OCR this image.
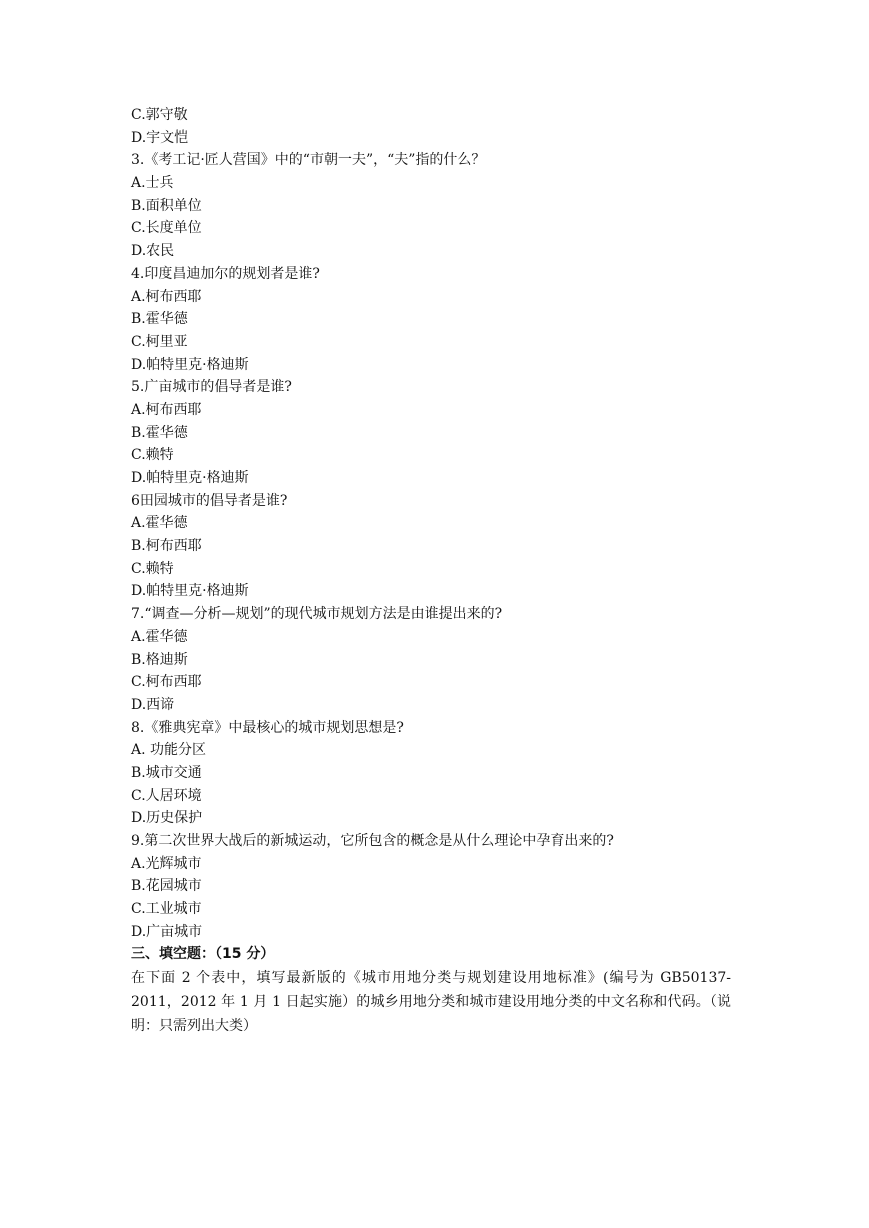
C.郭守敬
D.宇文恺
3.《考工记·匠人营国》中的“市朝一夫”，“夫”指的什么？
A.士兵
B.面积单位
C.长度单位
D.农民
4.印度昌迪加尔的规划者是谁?
A.柯布西耶
B.霍华德
C.柯里亚
D.帕特里克·格迪斯
5.广亩城市的倡导者是谁?
A.柯布西耶
B.霍华德
C.赖特
D.帕特里克·格迪斯
6田园城市的倡导者是谁?
A.霍华德
B.柯布西耶
C.赖特
D.帕特里克·格迪斯
7.“调查—分析—规划”的现代城市规划方法是由谁提出来的?
A.霍华德
B.格迪斯
C.柯布西耶
D.西谛
8.《雅典宪章》中最核心的城市规划思想是?
A. 功能分区
B.城市交通
C.人居环境
D.历史保护
9.第二次世界大战后的新城运动，它所包含的概念是从什么理论中孕育出来的?
A.光辉城市
B.花园城市
C.工业城市
D.广亩城市
三、填空题：（15 分）
在下面 2 个表中，填写最新版的《城市用地分类与规划建设用地标准》(编号为 GB50137-2011，2012 年 1 月 1 日起实施）的城乡用地分类和城市建设用地分类的中文名称和代码。（说明：只需列出大类）
